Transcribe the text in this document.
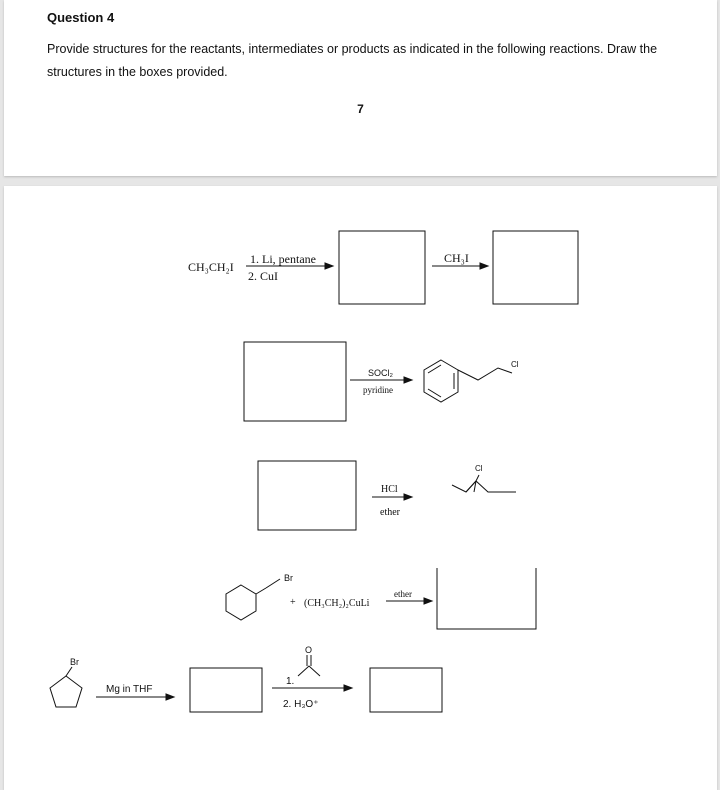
Question 4
Provide structures for the reactants, intermediates or products as indicated in the following reactions. Draw the structures in the boxes provided.
7
CH₃CH₂I
1. Li, pentane
2. CuI
CH₃I
SOCl₂
pyridine
Cl
HCl
ether
Cl
Br
+ (CH₃CH₂)₂CuLi
ether
Br
Mg in THF
1.
O
2. H₃O⁺
